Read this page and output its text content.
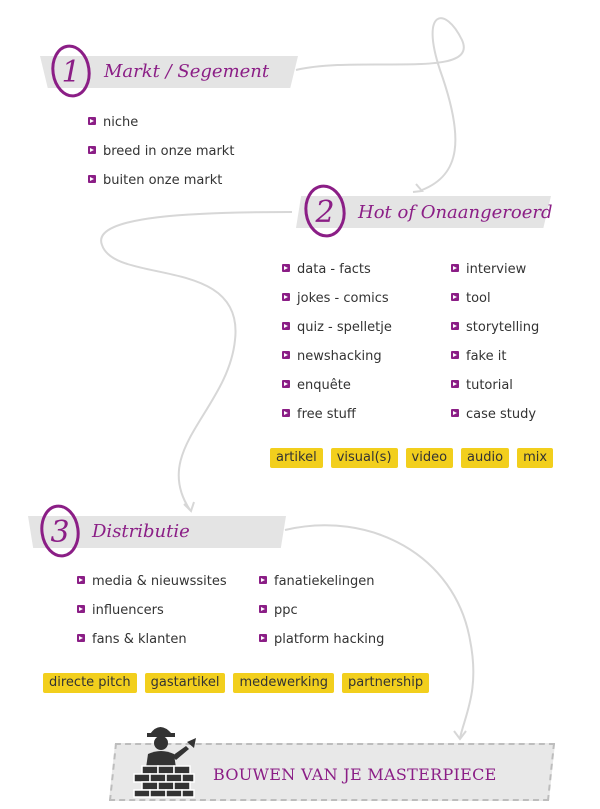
1 Markt / Segement
niche
breed in onze markt
buiten onze markt
2 Hot of Onaangeroerd
data - facts
jokes - comics
quiz - spelletje
newshacking
enquête
free stuff
interview
tool
storytelling
fake it
tutorial
case study
artikel	visual(s)	video	audio	mix
3 Distributie
media & nieuwssites
influencers
fans & klanten
fanatiekelingen
ppc
platform hacking
directe pitch	gastartikel	medewerking	partnership
BOUWEN VAN JE MASTERPIECE
